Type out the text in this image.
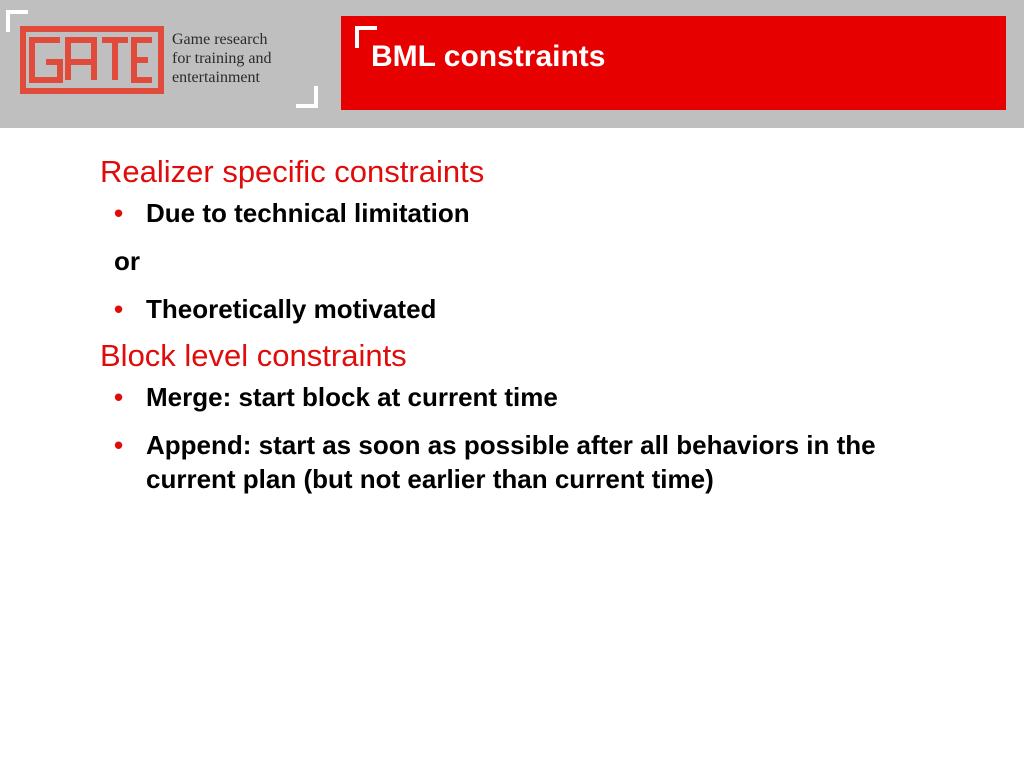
Game research
for training and
entertainment
BML constraints
Realizer specific constraints
• Due to technical limitation
or
• Theoretically motivated
Block level constraints
• Merge: start block at current time
• Append: start as soon as possible after all behaviors in the current plan (but not earlier than current time)
